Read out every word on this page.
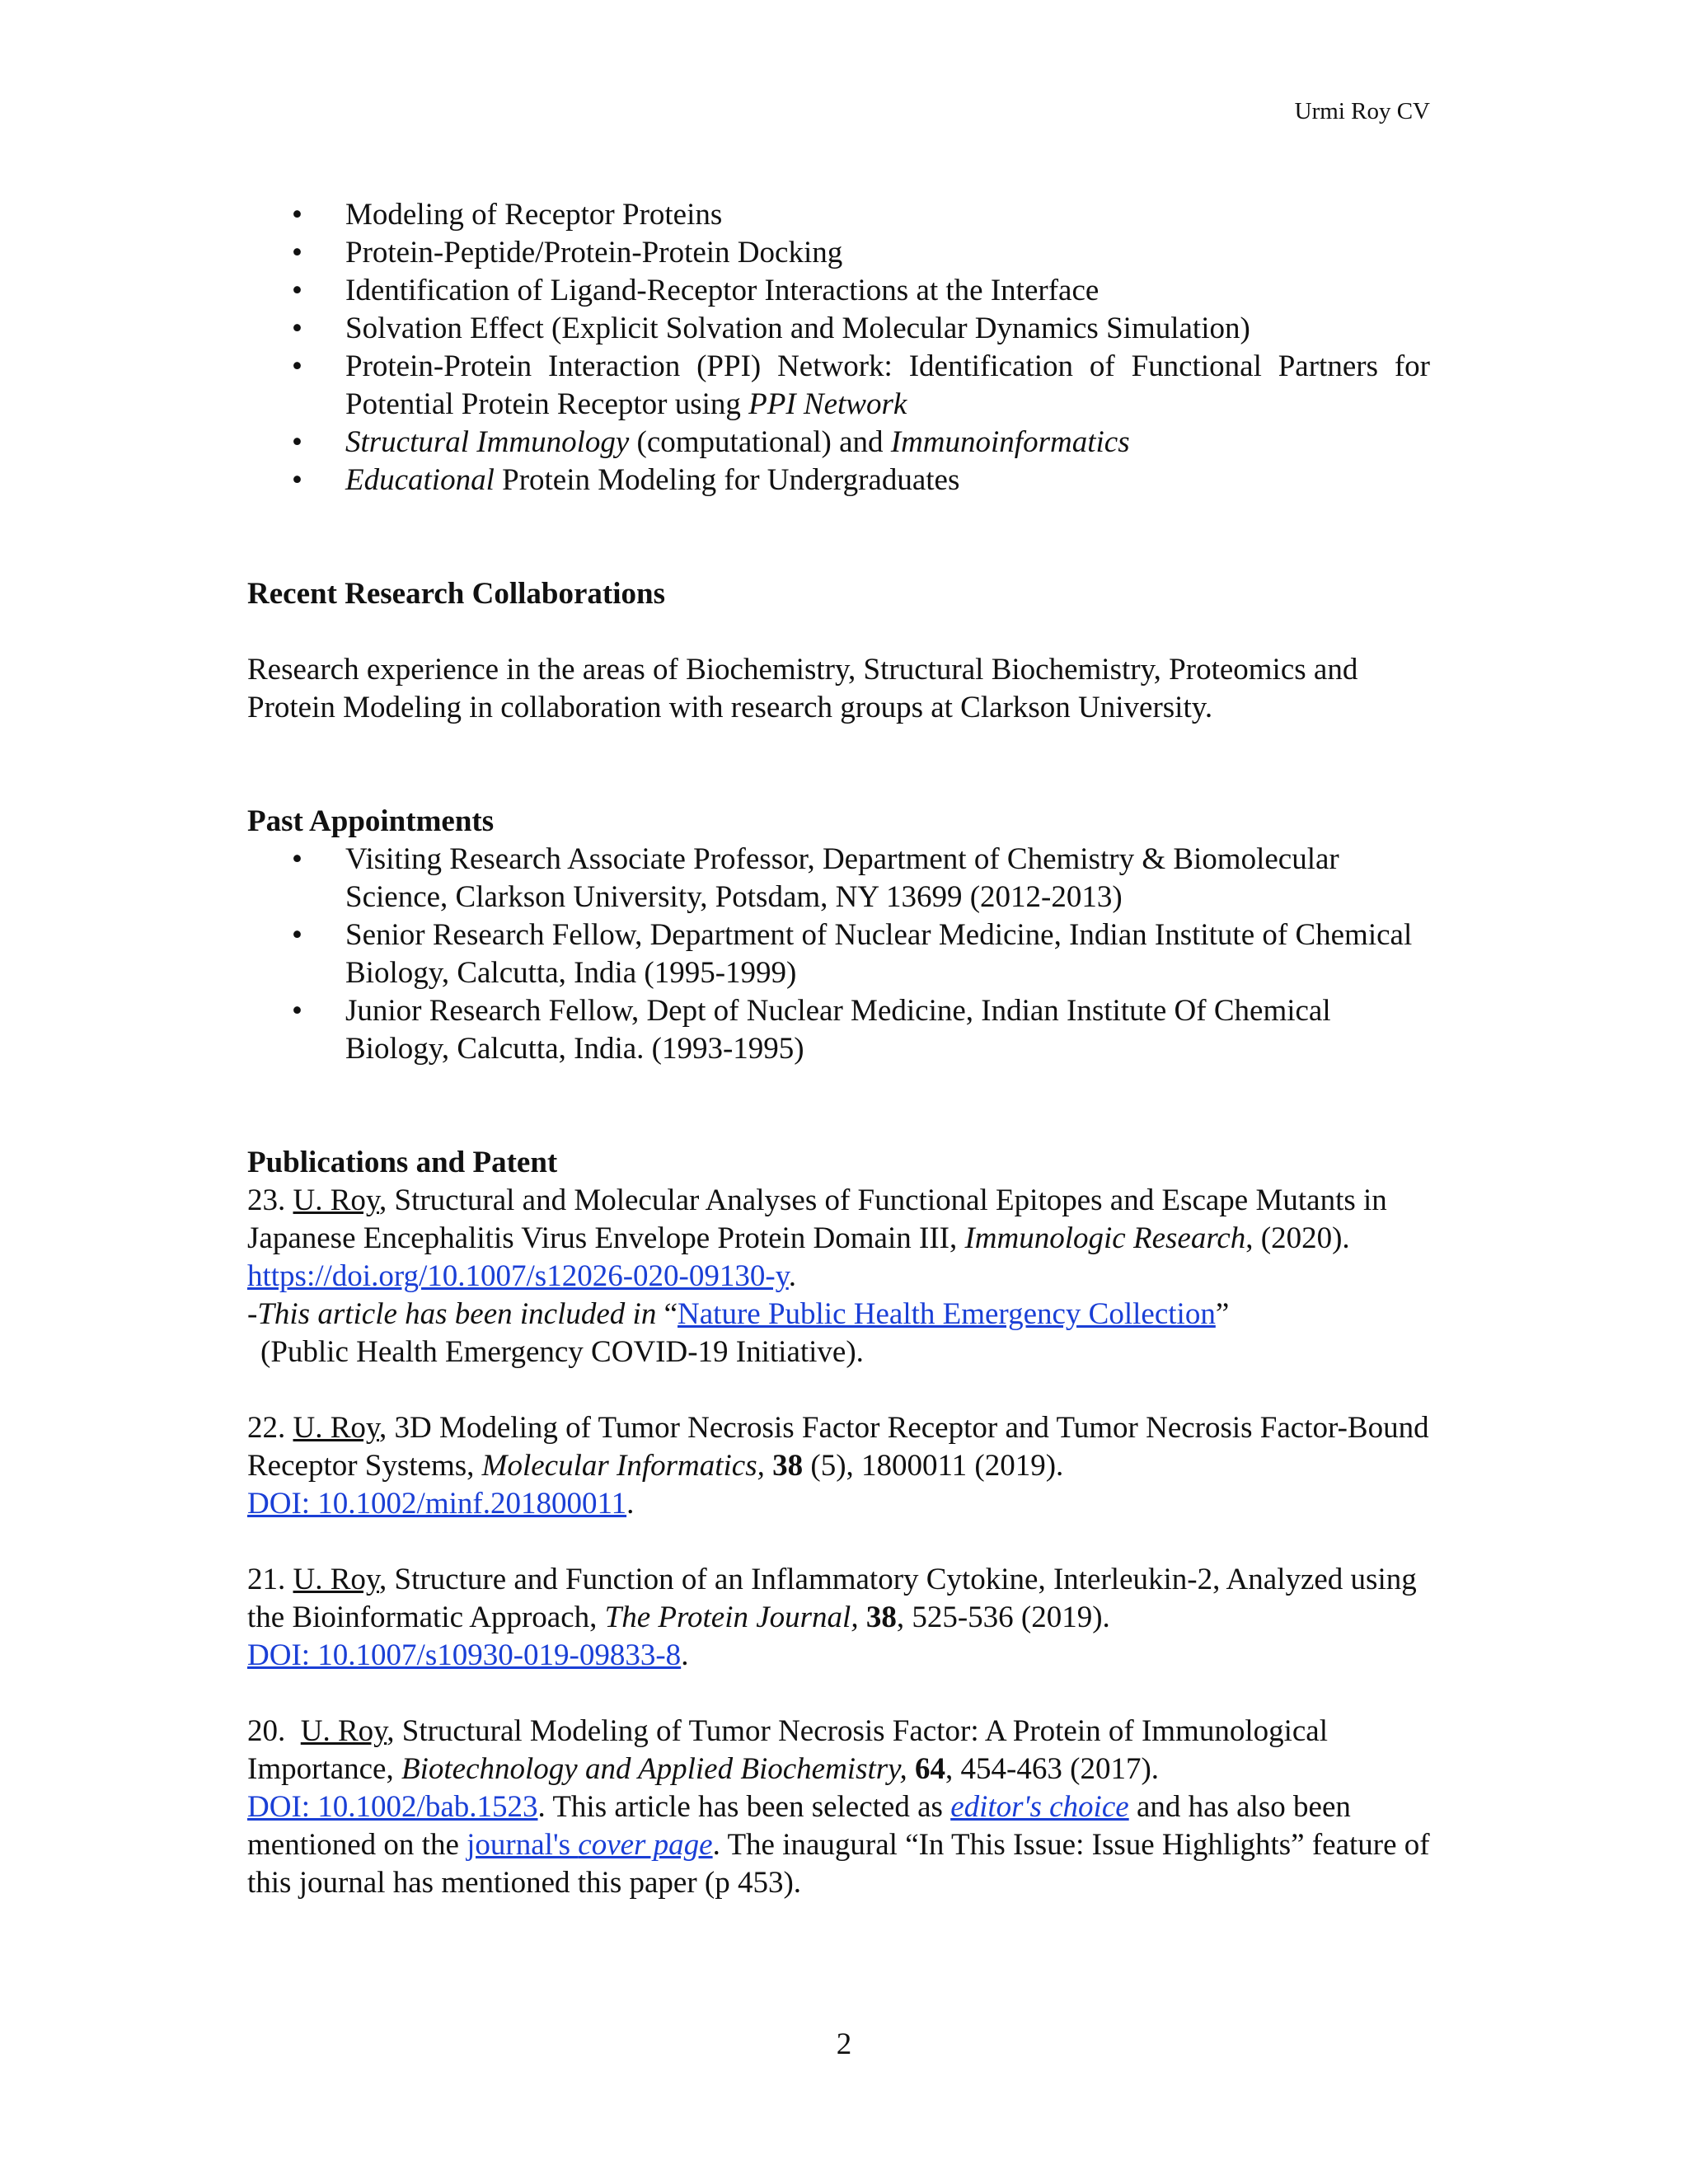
Urmi Roy CV
• Modeling of Receptor Proteins
• Protein-Peptide/Protein-Protein Docking
• Identification of Ligand-Receptor Interactions at the Interface
• Solvation Effect (Explicit Solvation and Molecular Dynamics Simulation)
• Protein-Protein Interaction (PPI) Network: Identification of Functional Partners for Potential Protein Receptor using PPI Network
• Structural Immunology (computational) and Immunoinformatics
• Educational Protein Modeling for Undergraduates
Recent Research Collaborations
Research experience in the areas of Biochemistry, Structural Biochemistry, Proteomics and Protein Modeling in collaboration with research groups at Clarkson University.
Past Appointments
• Visiting Research Associate Professor, Department of Chemistry & Biomolecular Science, Clarkson University, Potsdam, NY 13699 (2012-2013)
• Senior Research Fellow, Department of Nuclear Medicine, Indian Institute of Chemical Biology, Calcutta, India (1995-1999)
• Junior Research Fellow, Dept of Nuclear Medicine, Indian Institute Of Chemical Biology, Calcutta, India. (1993-1995)
Publications and Patent
23. U. Roy, Structural and Molecular Analyses of Functional Epitopes and Escape Mutants in Japanese Encephalitis Virus Envelope Protein Domain III, Immunologic Research, (2020). https://doi.org/10.1007/s12026-020-09130-y.
-This article has been included in “Nature Public Health Emergency Collection”
(Public Health Emergency COVID-19 Initiative).
22. U. Roy, 3D Modeling of Tumor Necrosis Factor Receptor and Tumor Necrosis Factor-Bound Receptor Systems, Molecular Informatics, 38 (5), 1800011 (2019).
DOI: 10.1002/minf.201800011.
21. U. Roy, Structure and Function of an Inflammatory Cytokine, Interleukin-2, Analyzed using the Bioinformatic Approach, The Protein Journal, 38, 525-536 (2019).
DOI: 10.1007/s10930-019-09833-8.
20.  U. Roy, Structural Modeling of Tumor Necrosis Factor: A Protein of Immunological Importance, Biotechnology and Applied Biochemistry, 64, 454-463 (2017).
DOI: 10.1002/bab.1523. This article has been selected as editor's choice and has also been mentioned on the journal's cover page. The inaugural “In This Issue: Issue Highlights” feature of this journal has mentioned this paper (p 453).
2
